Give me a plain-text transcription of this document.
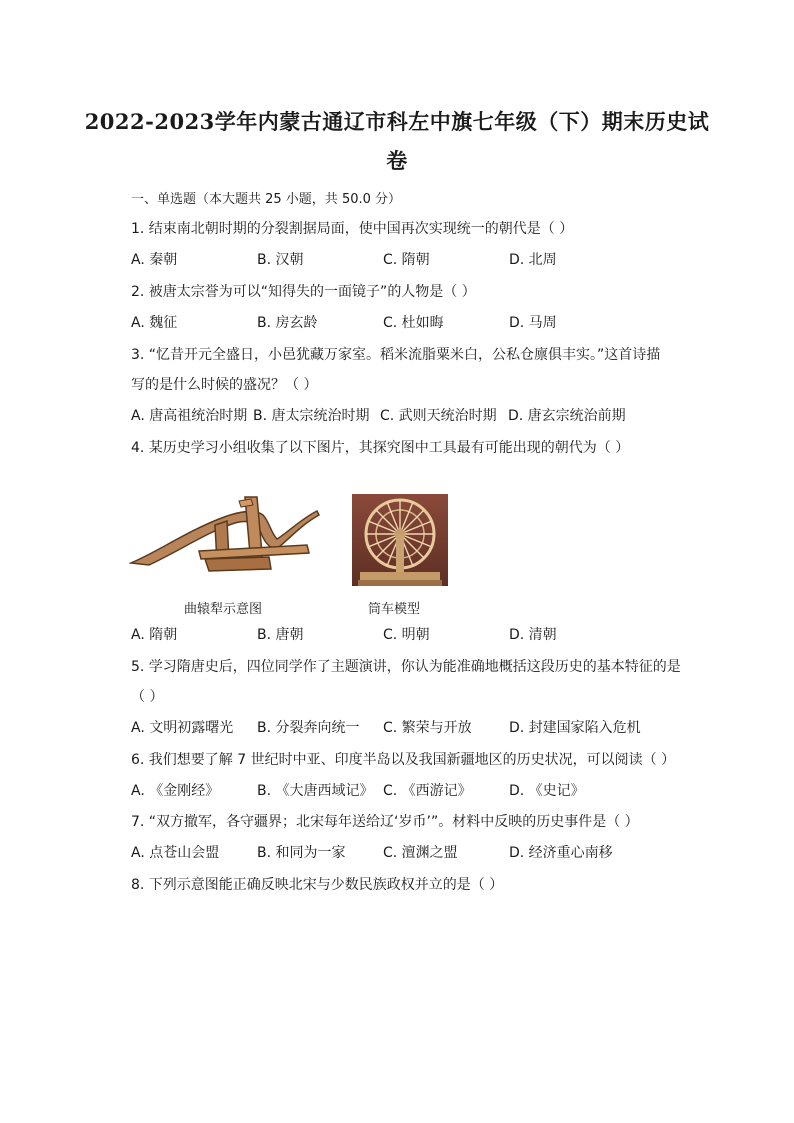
2022-2023学年内蒙古通辽市科左中旗七年级（下）期末历史试
卷
一、单选题（本大题共 25 小题，共 50.0 分）
1. 结束南北朝时期的分裂割据局面，使中国再次实现统一的朝代是（ ）
A. 秦朝	B. 汉朝	C. 隋朝	D. 北周
2. 被唐太宗誉为可以“知得失的一面镜子”的人物是（ ）
A. 魏征	B. 房玄龄	C. 杜如晦	D. 马周
3. “忆昔开元全盛日，小邑犹藏万家室。稻米流脂粟米白，公私仓廪俱丰实。”这首诗描
写的是什么时候的盛况？（ ）
A. 唐高祖统治时期 B. 唐太宗统治时期 C. 武则天统治时期 D. 唐玄宗统治前期
4. 某历史学习小组收集了以下图片，其探究图中工具最有可能出现的朝代为（ ）
曲辕犁示意图	筒车模型
A. 隋朝	B. 唐朝	C. 明朝	D. 清朝
5. 学习隋唐史后，四位同学作了主题演讲，你认为能准确地概括这段历史的基本特征的是
（ ）
A. 文明初露曙光 B. 分裂奔向统一 C. 繁荣与开放	D. 封建国家陷入危机
6. 我们想要了解 7 世纪时中亚、印度半岛以及我国新疆地区的历史状况，可以阅读（ ）
A. 《金刚经》	B. 《大唐西域记》 C. 《西游记》	D. 《史记》
7. “双方撤军，各守疆界；北宋每年送给辽‘岁币’”。材料中反映的历史事件是（ ）
A. 点苍山会盟	B. 和同为一家	C. 澶渊之盟	D. 经济重心南移
8. 下列示意图能正确反映北宋与少数民族政权并立的是（ ）
